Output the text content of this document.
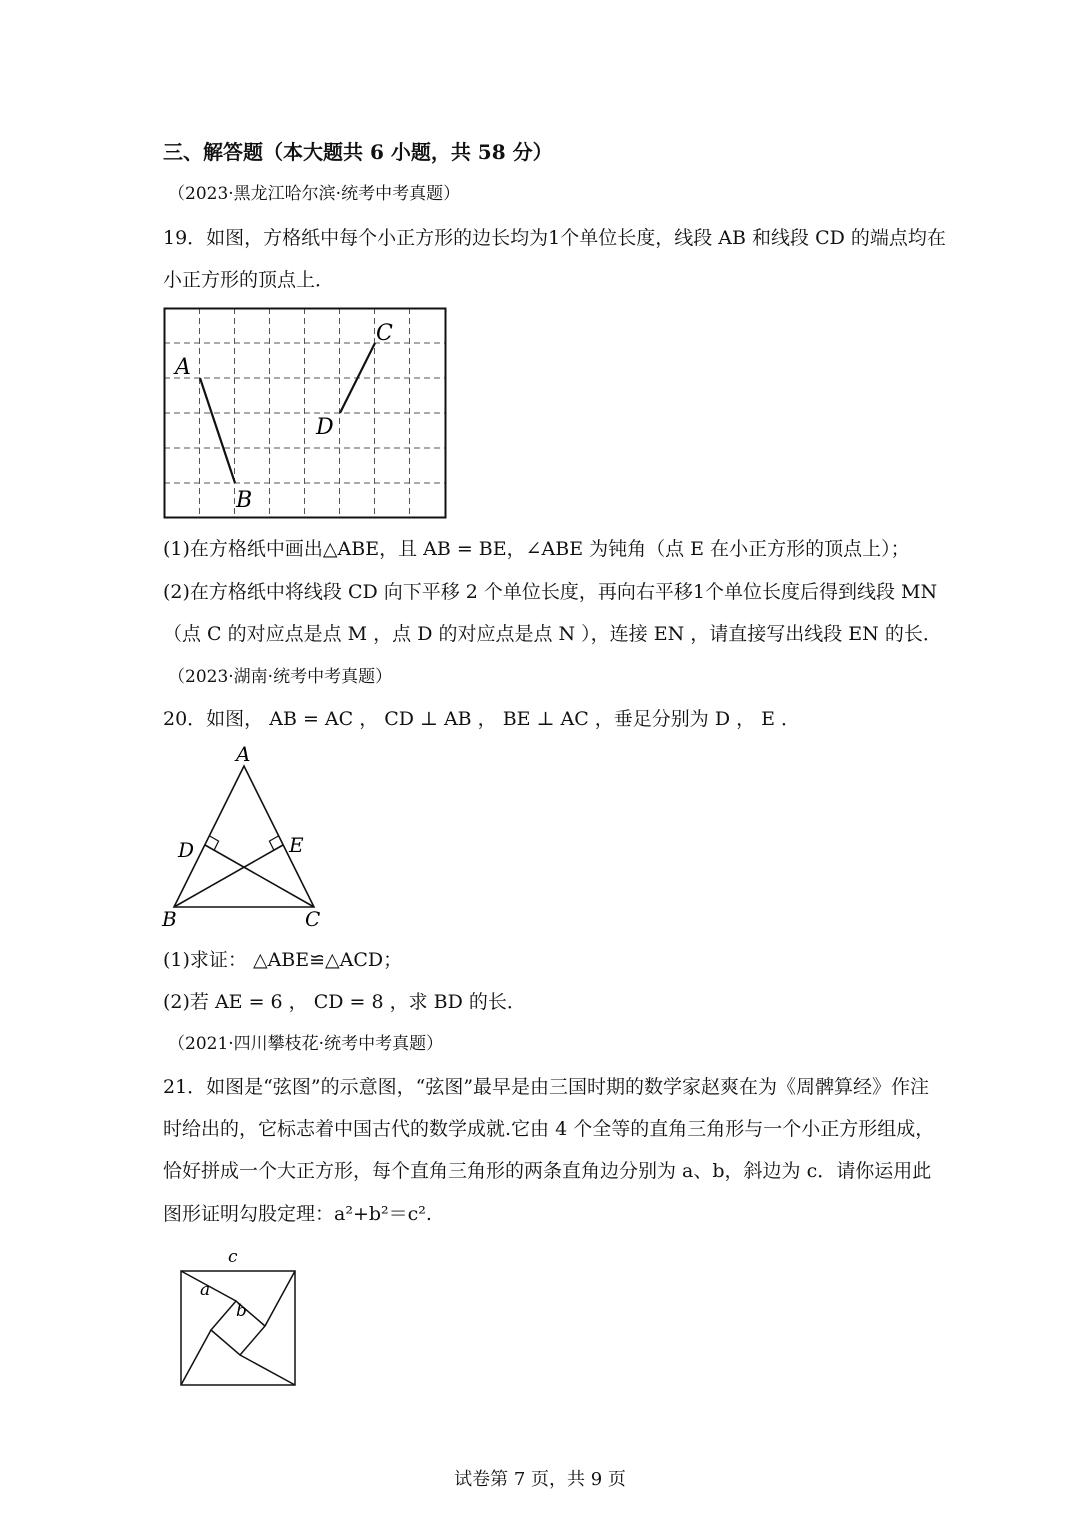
三、解答题（本大题共 6 小题，共 58 分）
（2023·黑龙江哈尔滨·统考中考真题）
19．如图，方格纸中每个小正方形的边长均为1个单位长度，线段 AB 和线段 CD 的端点均在
小正方形的顶点上．
A
B
C
D
(1)在方格纸中画出△ABE，且 AB = BE，∠ABE 为钝角（点 E 在小正方形的顶点上）；
(2)在方格纸中将线段 CD 向下平移 2 个单位长度，再向右平移1个单位长度后得到线段 MN
（点 C 的对应点是点 M ，点 D 的对应点是点 N ），连接 EN ，请直接写出线段 EN 的长．
（2023·湖南·统考中考真题）
20．如图， AB = AC ， CD ⊥ AB ， BE ⊥ AC ，垂足分别为 D ， E ．
A
B	C
D	E
(1)求证： △ABE≌△ACD；
(2)若 AE = 6 ， CD = 8 ，求 BD 的长．
（2021·四川攀枝花·统考中考真题）
21．如图是“弦图”的示意图，“弦图”最早是由三国时期的数学家赵爽在为《周髀算经》作注
时给出的，它标志着中国古代的数学成就.它由 4 个全等的直角三角形与一个小正方形组成，
恰好拼成一个大正方形，每个直角三角形的两条直角边分别为 a、b，斜边为 c．请你运用此
图形证明勾股定理：a²+b²＝c².
c
a
b
试卷第 7 页，共 9 页
